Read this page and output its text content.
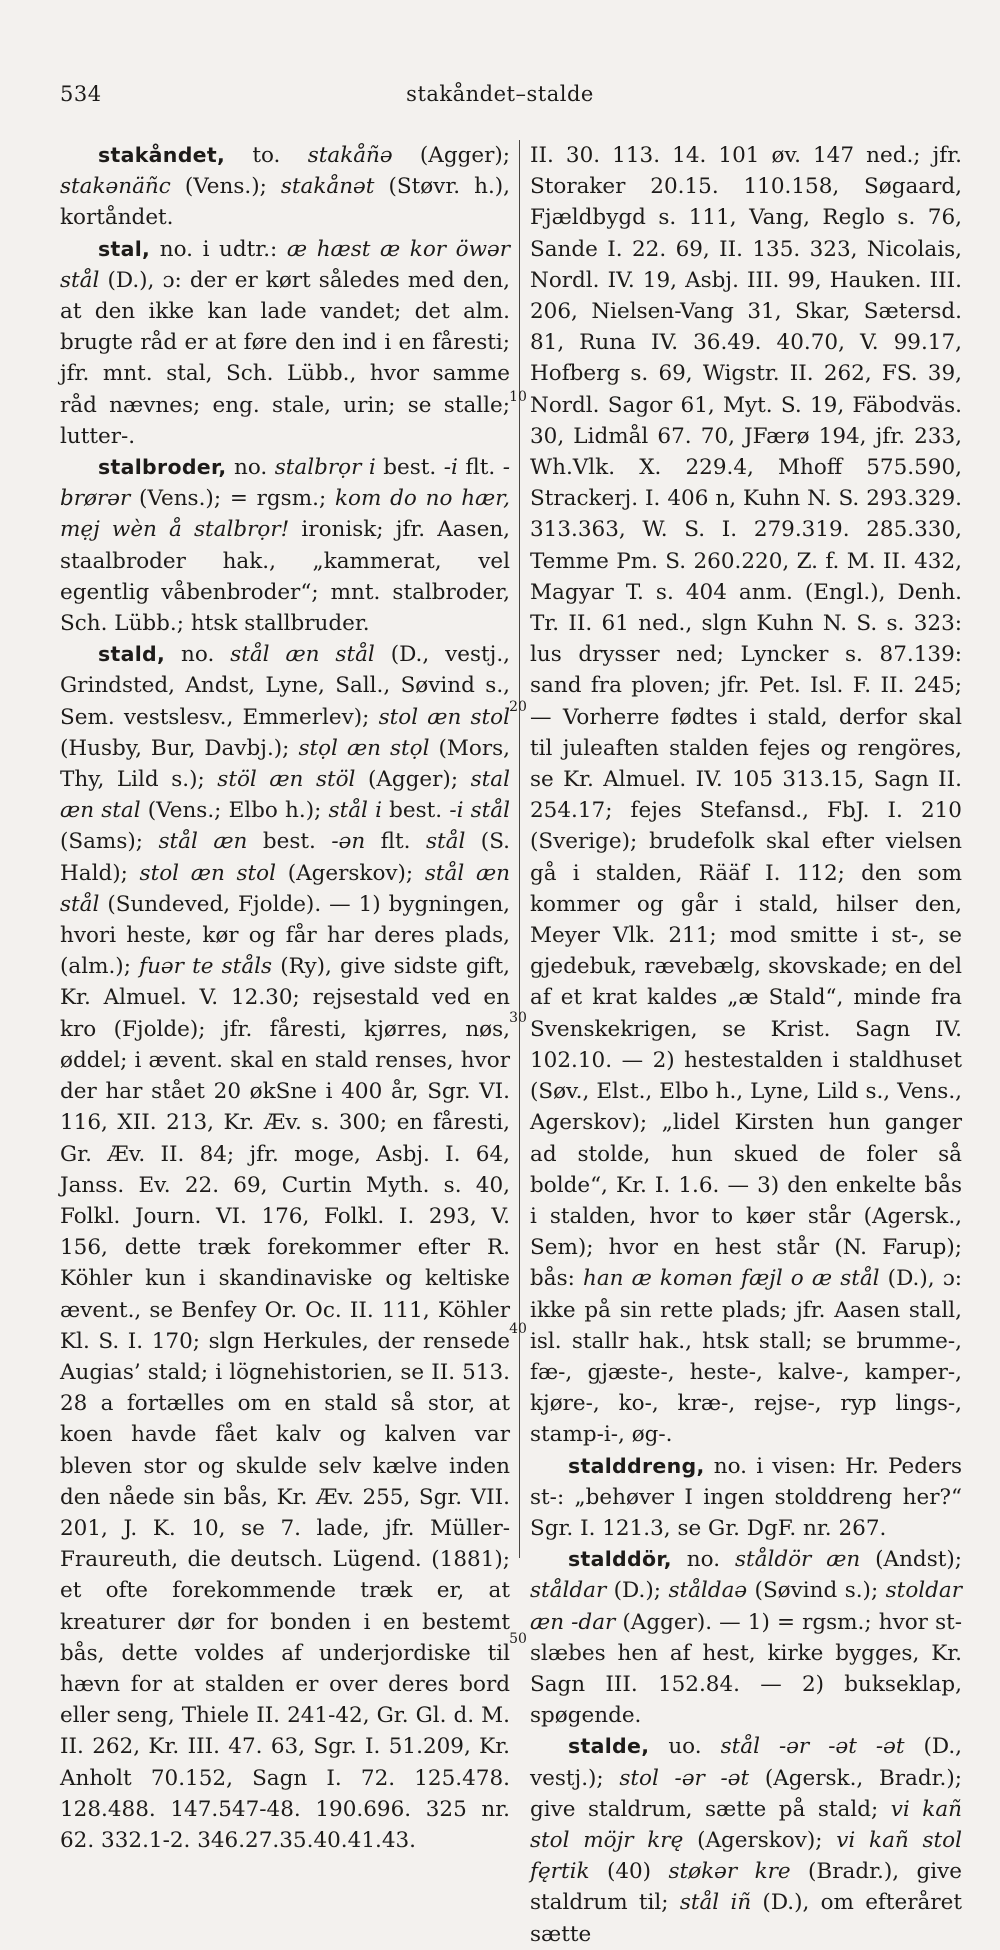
534	stakåndet–stalde
10
20
30
40
50

stakåndet, to. stakåñə (Agger); stakənäñc (Vens.); stakånət (Støvr. h.), kortåndet.

stal, no. i udtr.: æ hæst æ kor öwər stål (D.), ɔ: der er kørt således med den, at den ikke kan lade vandet; det alm. brugte råd er at føre den ind i en fåresti; jfr. mnt. stal, Sch. Lübb., hvor samme råd nævnes; eng. stale, urin; se stalle; lutter-.

stalbroder, no. stalbrọr i best. -i flt. -brørər (Vens.); = rgsm.; kom do no hær, mẹj wèn å stalbrọr! ironisk; jfr. Aasen, staalbroder hak., „kammerat, vel egentlig våbenbroder“; mnt. stalbroder, Sch. Lübb.; htsk stallbruder.

stald, no. stål æn stål (D., vestj., Grindsted, Andst, Lyne, Sall., Søvind s., Sem. vestslesv., Emmerlev); stol æn stol (Husby, Bur, Davbj.); stọl æn stọl (Mors, Thy, Lild s.); stöl æn stöl (Agger); stal æn stal (Vens.; Elbo h.); stål i best. -i stål (Sams); stål æn best. -ən flt. stål (S. Hald); stol æn stol (Agerskov); stål æn stål (Sundeved, Fjolde). — 1) bygningen, hvori heste, kør og får har deres plads, (alm.); fuər te ståls (Ry), give sidste gift, Kr. Almuel. V. 12.30; rejsestald ved en kro (Fjolde); jfr. fåresti, kjørres, nøs, øddel; i ævent. skal en stald renses, hvor der har stået 20 økSne i 400 år, Sgr. VI. 116, XII. 213, Kr. Æv. s. 300; en fåresti, Gr. Æv. II. 84; jfr. moge, Asbj. I. 64, Janss. Ev. 22. 69, Curtin Myth. s. 40, Folkl. Journ. VI. 176, Folkl. I. 293, V. 156, dette træk forekommer efter R. Köhler kun i skandinaviske og keltiske ævent., se Benfey Or. Oc. II. 111, Köhler Kl. S. I. 170; slgn Herkules, der rensede Augias’ stald; i lögnehistorien, se II. 513. 28 a fortælles om en stald så stor, at koen havde fået kalv og kalven var bleven stor og skulde selv kælve inden den nåede sin bås, Kr. Æv. 255, Sgr. VII. 201, J. K. 10, se 7. lade, jfr. Müller-Fraureuth, die deutsch. Lügend. (1881); et ofte forekommende træk er, at kreaturer dør for bonden i en bestemt bås, dette voldes af underjordiske til hævn for at stalden er over deres bord eller seng, Thiele II. 241-42, Gr. Gl. d. M. II. 262, Kr. III. 47. 63, Sgr. I. 51.209, Kr. Anholt 70.152, Sagn I. 72. 125.478. 128.488. 147.547-48. 190.696. 325 nr. 62. 332.1-2. 346.27.35.40.41.43.

II. 30. 113. 14. 101 øv. 147 ned.; jfr. Storaker 20.15. 110.158, Søgaard, Fjældbygd s. 111, Vang, Reglo s. 76, Sande I. 22. 69, II. 135. 323, Nicolais, Nordl. IV. 19, Asbj. III. 99, Hauken. III. 206, Nielsen-Vang 31, Skar, Sætersd. 81, Runa IV. 36.49. 40.70, V. 99.17, Hofberg s. 69, Wigstr. II. 262, FS. 39, Nordl. Sagor 61, Myt. S. 19, Fäbodväs. 30, Lidmål 67. 70, JFærø 194, jfr. 233, Wh.Vlk. X. 229.4, Mhoff 575.590, Strackerj. I. 406 n, Kuhn N. S. 293.329. 313.363, W. S. I. 279.319. 285.330, Temme Pm. S. 260.220, Z. f. M. II. 432, Magyar T. s. 404 anm. (Engl.), Denh. Tr. II. 61 ned., slgn Kuhn N. S. s. 323: lus drysser ned; Lyncker s. 87.139: sand fra ploven; jfr. Pet. Isl. F. II. 245; — Vorherre fødtes i stald, derfor skal til juleaften stalden fejes og rengöres, se Kr. Almuel. IV. 105 313.15, Sagn II. 254.17; fejes Stefansd., FbJ. I. 210 (Sverige); brudefolk skal efter vielsen gå i stalden, Rääf I. 112; den som kommer og går i stald, hilser den, Meyer Vlk. 211; mod smitte i st-, se gjedebuk, rævebælg, skovskade; en del af et krat kaldes „æ Stald“, minde fra Svenskekrigen, se Krist. Sagn IV. 102.10. — 2) hestestalden i staldhuset (Søv., Elst., Elbo h., Lyne, Lild s., Vens., Agerskov); „lidel Kirsten hun ganger ad stolde, hun skued de foler så bolde“, Kr. I. 1.6. — 3) den enkelte bås i stalden, hvor to køer står (Agersk., Sem); hvor en hest står (N. Farup); bås: han æ komən fæjl o æ stål (D.), ɔ: ikke på sin rette plads; jfr. Aasen stall, isl. stallr hak., htsk stall; se brumme-, fæ-, gjæste-, heste-, kalve-, kamper-, kjøre-, ko-, kræ-, rejse-, ryp lings-, stamp-i-, øg-.

stalddreng, no. i visen: Hr. Peders st-: „behøver I ingen stolddreng her?“ Sgr. I. 121.3, se Gr. DgF. nr. 267.

stalddör, no. ståldör æn (Andst); ståldar (D.); ståldaə (Søvind s.); stoldar æn -dar (Agger). — 1) = rgsm.; hvor st- slæbes hen af hest, kirke bygges, Kr. Sagn III. 152.84. — 2) bukseklap, spøgende.

stalde, uo. stål -ər -ət -ət (D., vestj.); stol -ər -ət (Agersk., Bradr.); give staldrum, sætte på stald; vi kañ stol möjr krę (Agerskov); vi kañ stol fęrtik (40) støkər kre (Bradr.), give staldrum til; stål iñ (D.), om efteråret sætte
